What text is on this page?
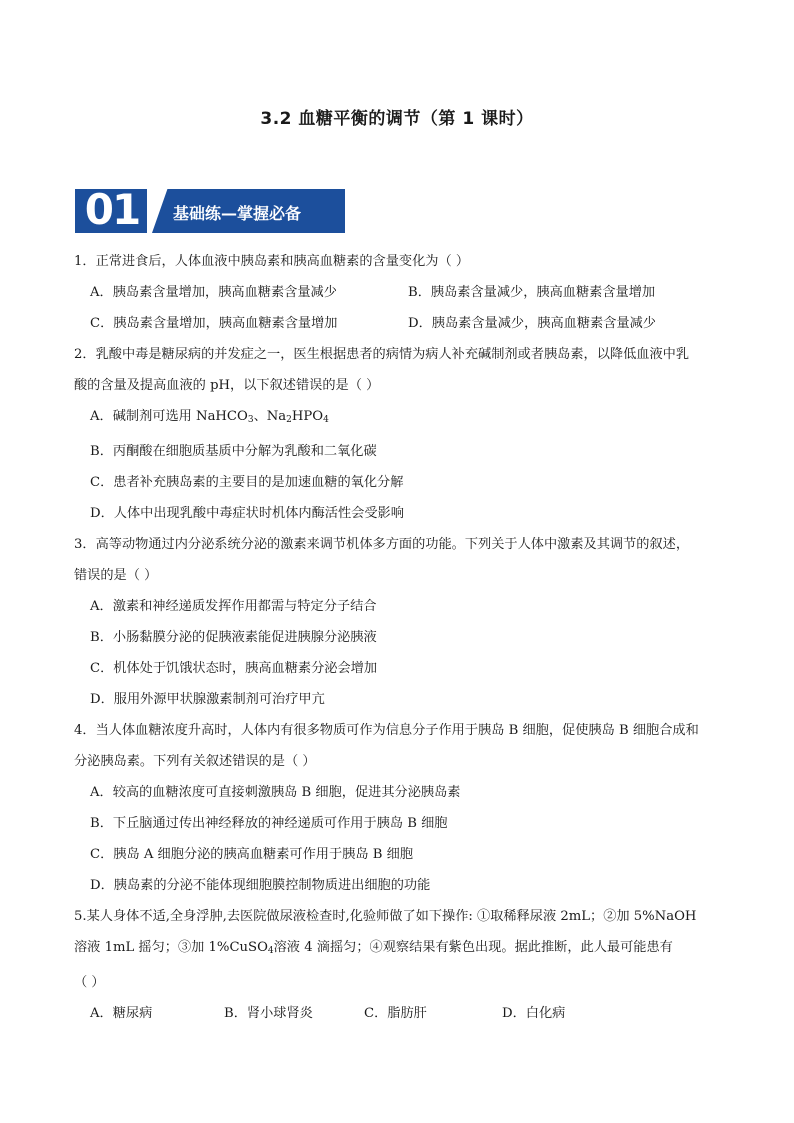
3.2 血糖平衡的调节（第 1 课时）
01	基础练—掌握必备
1．正常进食后，人体血液中胰岛素和胰高血糖素的含量变化为（ ）
A．胰岛素含量增加，胰高血糖素含量减少	B．胰岛素含量减少，胰高血糖素含量增加
C．胰岛素含量增加，胰高血糖素含量增加	D．胰岛素含量减少，胰高血糖素含量减少
2．乳酸中毒是糖尿病的并发症之一，医生根据患者的病情为病人补充碱制剂或者胰岛素，以降低血液中乳
酸的含量及提高血液的 pH，以下叙述错误的是（ ）
A．碱制剂可选用 NaHCO$_3$、$Na_2HPO_4$
B．丙酮酸在细胞质基质中分解为乳酸和二氧化碳
C．患者补充胰岛素的主要目的是加速血糖的氧化分解
D．人体中出现乳酸中毒症状时机体内酶活性会受影响
3．高等动物通过内分泌系统分泌的激素来调节机体多方面的功能。下列关于人体中激素及其调节的叙述，
错误的是（ ）
A．激素和神经递质发挥作用都需与特定分子结合
B．小肠黏膜分泌的促胰液素能促进胰腺分泌胰液
C．机体处于饥饿状态时，胰高血糖素分泌会增加
D．服用外源甲状腺激素制剂可治疗甲亢
4．当人体血糖浓度升高时，人体内有很多物质可作为信息分子作用于胰岛 B 细胞，促使胰岛 B 细胞合成和
分泌胰岛素。下列有关叙述错误的是（ ）
A．较高的血糖浓度可直接刺激胰岛 B 细胞，促进其分泌胰岛素
B．下丘脑通过传出神经释放的神经递质可作用于胰岛 B 细胞
C．胰岛 A 细胞分泌的胰高血糖素可作用于胰岛 B 细胞
D．胰岛素的分泌不能体现细胞膜控制物质进出细胞的功能
5.某人身体不适,全身浮肿,去医院做尿液检查时,化验师做了如下操作: ①取稀释尿液 2mL；②加 5%NaOH
溶液 1mL 摇匀；③加 1%CuSO$_4$溶液 4 滴摇匀；④观察结果有紫色出现。据此推断，此人最可能患有
（ ）
A．糖尿病	B．肾小球肾炎	C．脂肪肝	D．白化病
